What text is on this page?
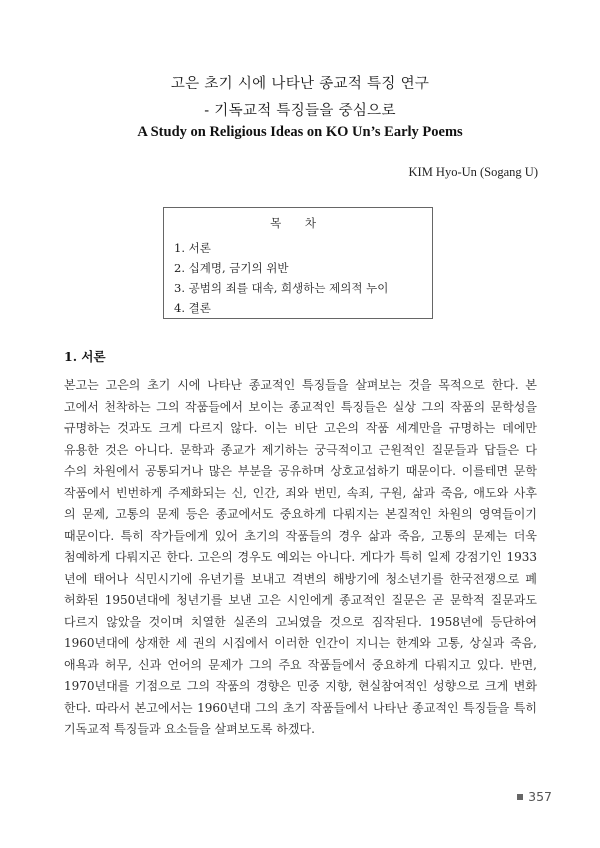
고은 초기 시에 나타난 종교적 특징 연구
- 기독교적 특징들을 중심으로
A Study on Religious Ideas on KO Un’s Early Poems
KIM Hyo-Un (Sogang U)
목 차
1. 서론
2. 십계명, 금기의 위반
3. 공범의 죄를 대속, 희생하는 제의적 누이
4. 결론
1. 서론
본고는 고은의 초기 시에 나타난 종교적인 특징들을 살펴보는 것을 목적으로 한다. 본
고에서 천착하는 그의 작품들에서 보이는 종교적인 특징들은 실상 그의 작품의 문학성을
규명하는 것과도 크게 다르지 않다. 이는 비단 고은의 작품 세계만을 규명하는 데에만
유용한 것은 아니다. 문학과 종교가 제기하는 궁극적이고 근원적인 질문들과 답들은 다
수의 차원에서 공통되거나 많은 부분을 공유하며 상호교섭하기 때문이다. 이를테면 문학
작품에서 빈번하게 주제화되는 신, 인간, 죄와 번민, 속죄, 구원, 삶과 죽음, 애도와 사후
의 문제, 고통의 문제 등은 종교에서도 중요하게 다뤄지는 본질적인 차원의 영역들이기
때문이다. 특히 작가들에게 있어 초기의 작품들의 경우 삶과 죽음, 고통의 문제는 더욱
첨예하게 다뤄지곤 한다. 고은의 경우도 예외는 아니다. 게다가 특히 일제 강점기인 1933
년에 태어나 식민시기에 유년기를 보내고 격변의 해방기에 청소년기를 한국전쟁으로 폐
허화된 1950년대에 청년기를 보낸 고은 시인에게 종교적인 질문은 곧 문학적 질문과도
다르지 않았을 것이며 치열한 실존의 고뇌였을 것으로 짐작된다. 1958년에 등단하여
1960년대에 상재한 세 권의 시집에서 이러한 인간이 지니는 한계와 고통, 상실과 죽음,
애욕과 허무, 신과 언어의 문제가 그의 주요 작품들에서 중요하게 다뤄지고 있다. 반면,
1970년대를 기점으로 그의 작품의 경향은 민중 지향, 현실참여적인 성향으로 크게 변화
한다. 따라서 본고에서는 1960년대 그의 초기 작품들에서 나타난 종교적인 특징들을 특히
기독교적 특징들과 요소들을 살펴보도록 하겠다.
357
